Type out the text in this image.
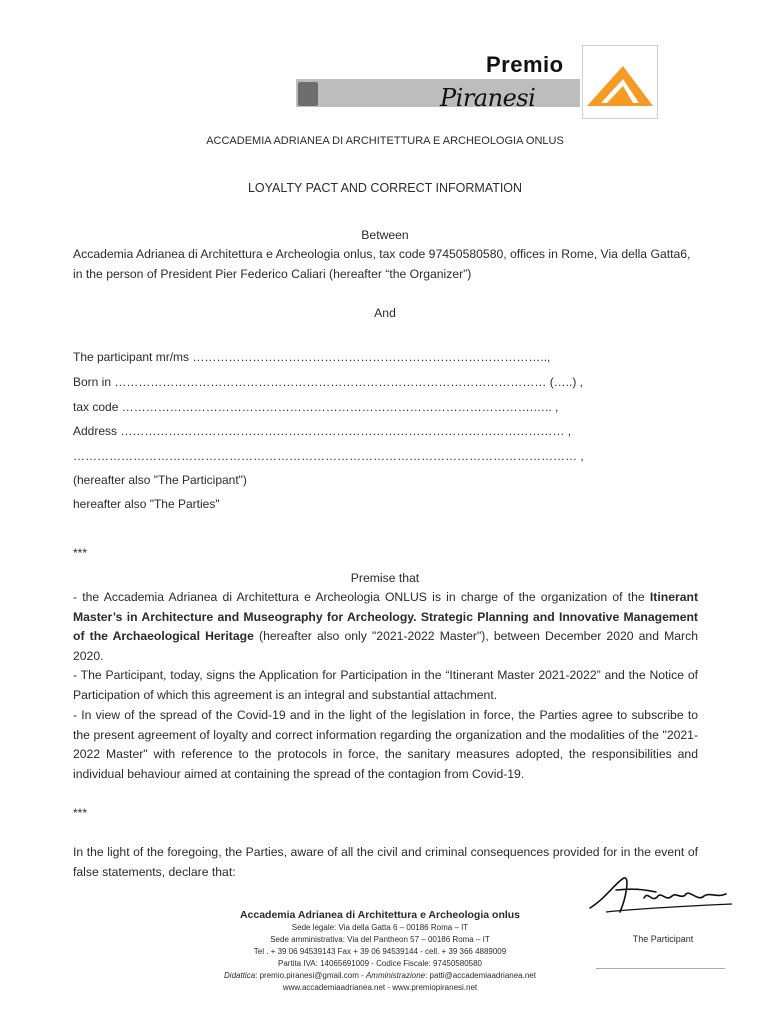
Premio
Piranesi
ACCADEMIA ADRIANEA DI ARCHITETTURA E ARCHEOLOGIA ONLUS
LOYALTY PACT AND CORRECT INFORMATION
Between
Accademia Adrianea di Architettura e Archeologia onlus, tax code 97450580580, offices in Rome, Via della Gatta6, in the person of President Pier Federico Caliari (hereafter “the Organizer”)
And
The participant mr/ms ……………………………………………………………………………..,
Born in ……………………………………………………………………………………………… (…..) ,
tax code ………………………………………………………………………………………….….. ,
Address ………………………………………………………………………………………………… ,
……………………………………………………………………………………………………………… ,
(hereafter also "The Participant")
hereafter also "The Parties"
***
Premise that
- the Accademia Adrianea di Architettura e Archeologia ONLUS is in charge of the organization of the Itinerant Master’s in Architecture and Museography for Archeology. Strategic Planning and Innovative Management of the Archaeological Heritage (hereafter also only "2021-2022 Master"), between December 2020 and March 2020.
- The Participant, today, signs the Application for Participation in the “Itinerant Master 2021-2022” and the Notice of Participation of which this agreement is an integral and substantial attachment.
- In view of the spread of the Covid-19 and in the light of the legislation in force, the Parties agree to subscribe to the present agreement of loyalty and correct information regarding the organization and the modalities of the "2021-2022 Master" with reference to the protocols in force, the sanitary measures adopted, the responsibilities and individual behaviour aimed at containing the spread of the contagion from Covid-19.
***
In the light of the foregoing, the Parties, aware of all the civil and criminal consequences provided for in the event of false statements, declare that:
The Participant
________________________________
Accademia Adrianea di Architettura e Archeologia onlus
Sede legale: Via della Gatta 6 – 00186 Roma – IT
Sede amministrativa: Via del Pantheon 57 – 00186 Roma – IT
Tel . + 39 06 94539143 Fax + 39 06 94539144 - cell. + 39 366 4889009
Partita IVA: 14065691009 - Codice Fiscale: 97450580580
Didattica: premio.piranesi@gmail.com - Amministrazione: patti@accademiaadrianea.net
www.accademiaadrianea.net - www.premiopiranesi.net
